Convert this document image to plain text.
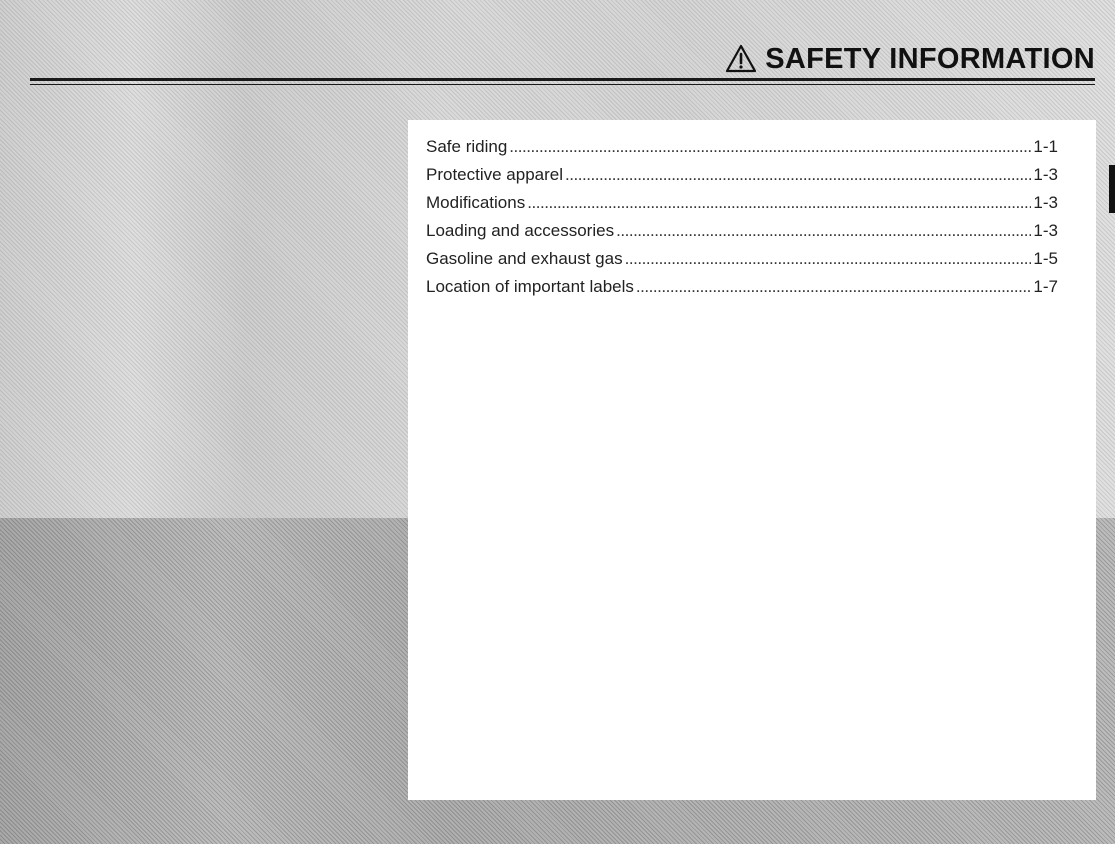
SAFETY INFORMATION
Safe riding . . .	1-1
Protective apparel . . .	1-3
Modifications . . .	1-3
Loading and accessories . . .	1-3
Gasoline and exhaust gas . . .	1-5
Location of important labels . . .	1-7
